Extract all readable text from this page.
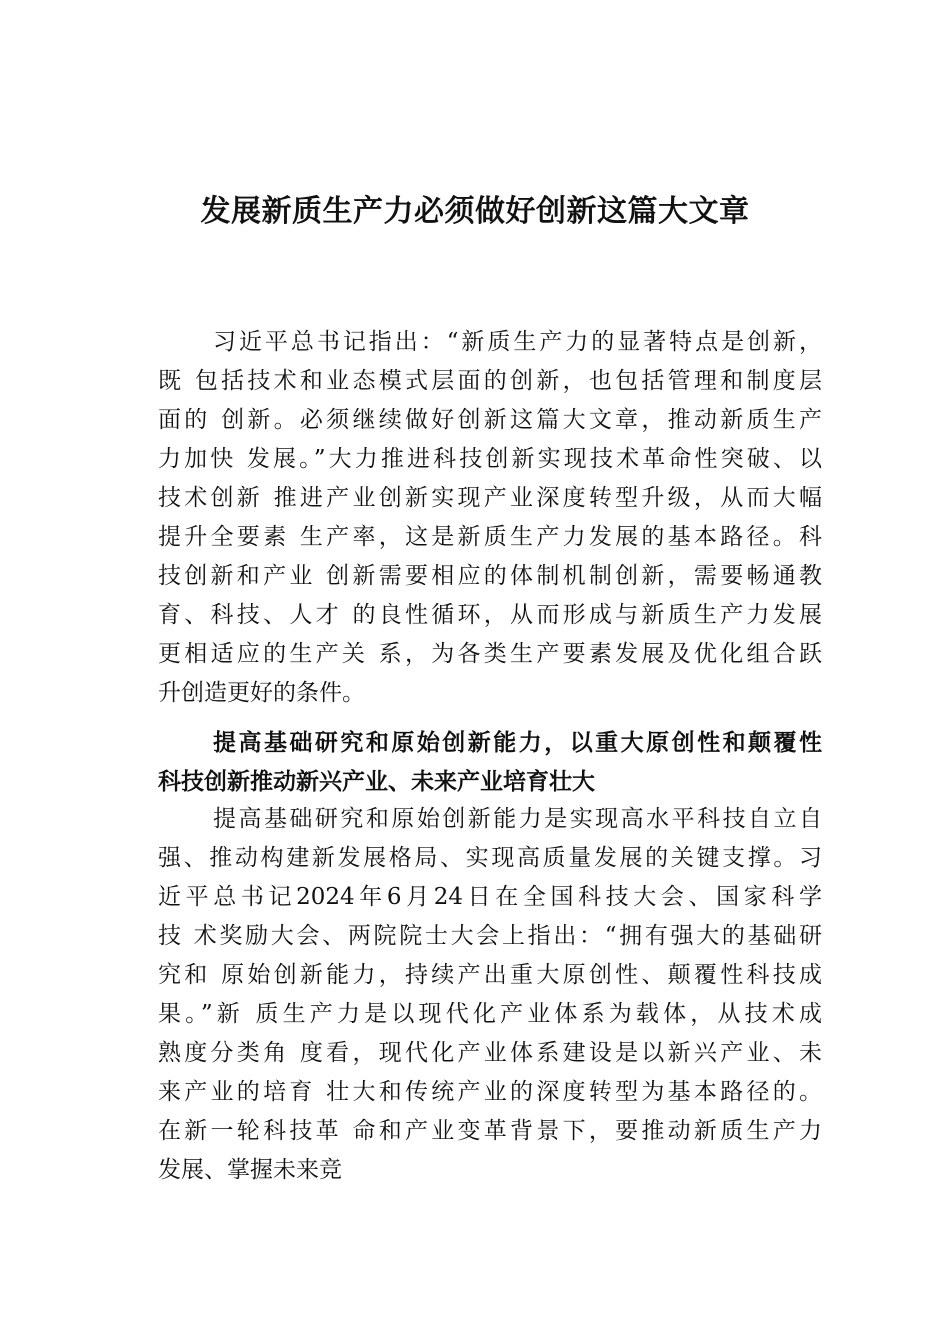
发展新质生产力必须做好创新这篇大文章
习近平总书记指出：“新质生产力的显著特点是创新，
既 包括技术和业态模式层面的创新，也包括管理和制度层
面的 创新。必须继续做好创新这篇大文章，推动新质生产
力加快 发展。”大力推进科技创新实现技术革命性突破、以
技术创新 推进产业创新实现产业深度转型升级，从而大幅
提升全要素 生产率，这是新质生产力发展的基本路径。科
技创新和产业 创新需要相应的体制机制创新，需要畅通教
育、科技、人才 的良性循环，从而形成与新质生产力发展
更相适应的生产关 系，为各类生产要素发展及优化组合跃
升创造更好的条件。
提高基础研究和原始创新能力，以重大原创性和颠覆性
科技创新推动新兴产业、未来产业培育壮大
提高基础研究和原始创新能力是实现高水平科技自立自
强、推动构建新发展格局、实现高质量发展的关键支撑。习
近平总书记2024年6月24日在全国科技大会、国家科学
技 术奖励大会、两院院士大会上指出：“拥有强大的基础研
究和 原始创新能力，持续产出重大原创性、颠覆性科技成
果。”新 质生产力是以现代化产业体系为载体，从技术成
熟度分类角 度看，现代化产业体系建设是以新兴产业、未
来产业的培育 壮大和传统产业的深度转型为基本路径的。
在新一轮科技革 命和产业变革背景下，要推动新质生产力
发展、掌握未来竞
